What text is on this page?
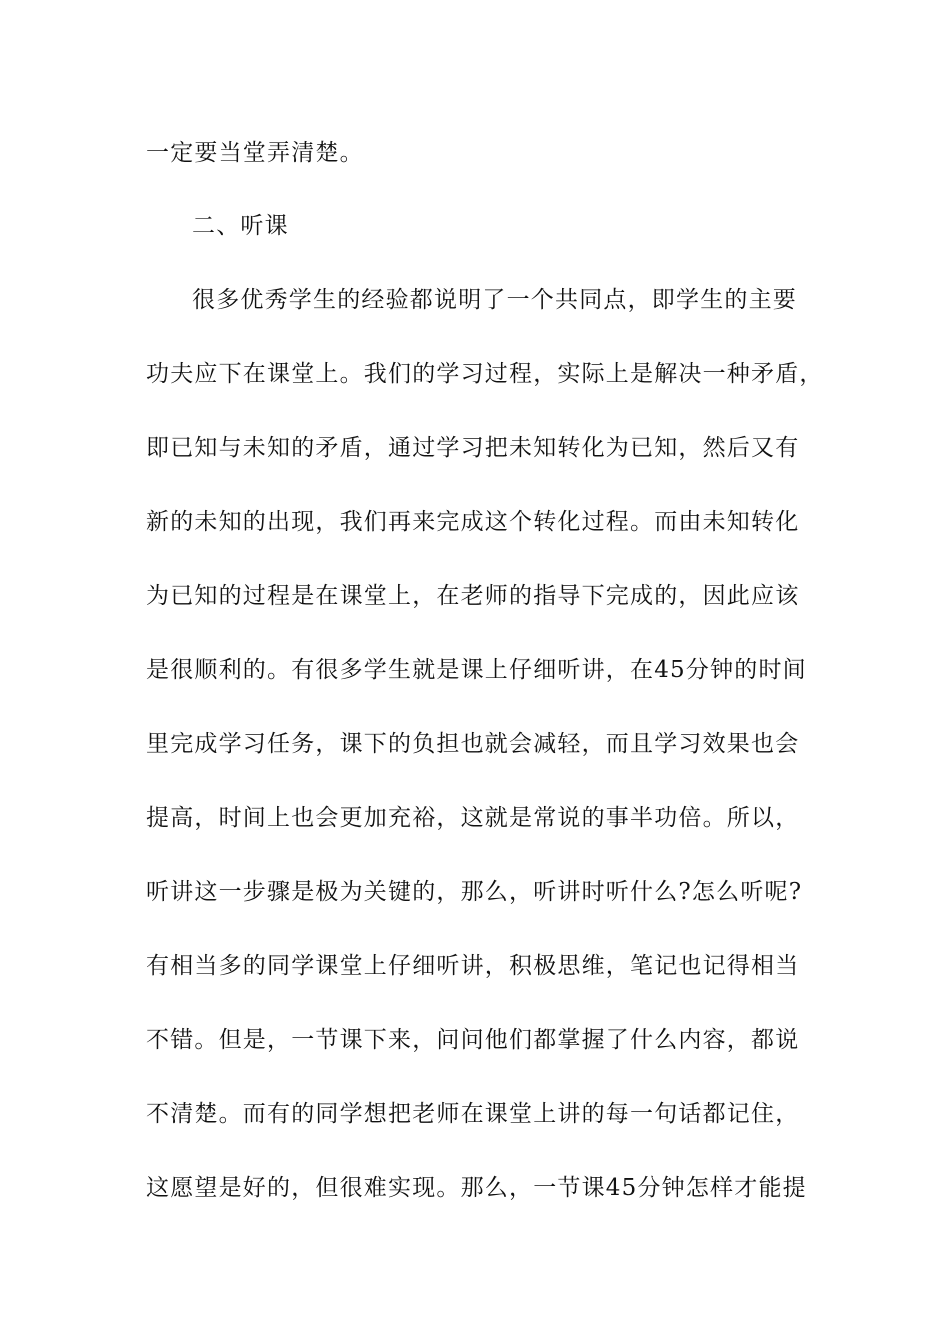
一定要当堂弄清楚。

二、听课

很多优秀学生的经验都说明了一个共同点，即学生的主要

功夫应下在课堂上。我们的学习过程，实际上是解决一种矛盾，

即已知与未知的矛盾，通过学习把未知转化为已知，然后又有

新的未知的出现，我们再来完成这个转化过程。而由未知转化

为已知的过程是在课堂上，在老师的指导下完成的，因此应该

是很顺利的。有很多学生就是课上仔细听讲，在45分钟的时间

里完成学习任务，课下的负担也就会减轻，而且学习效果也会

提高，时间上也会更加充裕，这就是常说的事半功倍。所以，

听讲这一步骤是极为关键的，那么，听讲时听什么?怎么听呢?

有相当多的同学课堂上仔细听讲，积极思维，笔记也记得相当

不错。但是，一节课下来，问问他们都掌握了什么内容，都说

不清楚。而有的同学想把老师在课堂上讲的每一句话都记住，

这愿望是好的，但很难实现。那么，一节课45分钟怎样才能提
